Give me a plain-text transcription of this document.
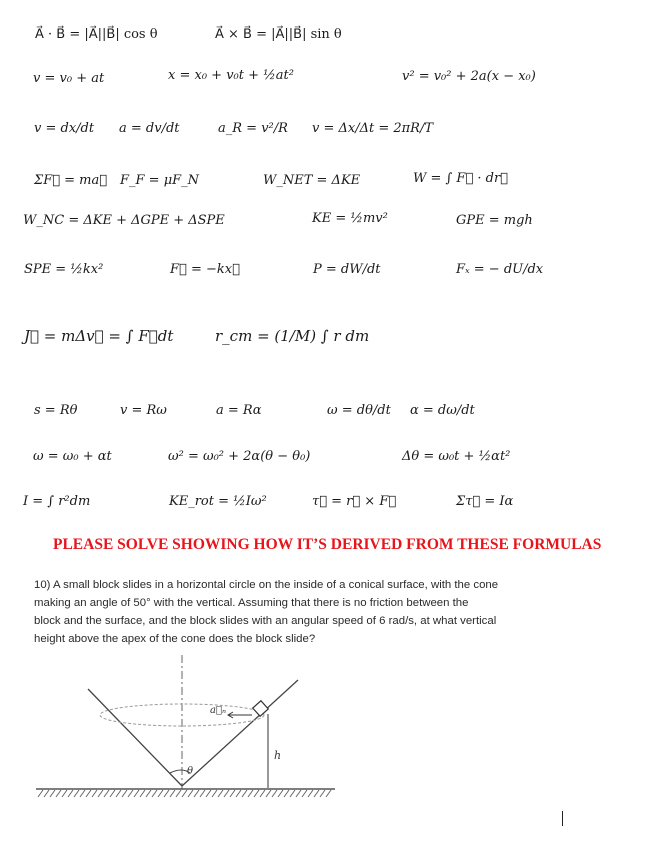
A⃗ · B⃗ = |A⃗||B⃗| cos θ	A⃗ × B⃗ = |A⃗||B⃗| sin θ
v = v₀ + at	x = x₀ + v₀t + ½at²	v² = v₀² + 2a(x − x₀)
v = dx/dt a = dv/dt	a_R = v²/R v = Δx/Δt = 2πR/T
ΣF⃗ = ma⃗ F_F = μF_N	W_NET = ΔKE	W = ∫ F⃗ · dr⃗
W_NC = ΔKE + ΔGPE + ΔSPE	KE = ½mv²	GPE = mgh
SPE = ½kx²	F⃗ = −kx⃗	P = dW/dt	Fₓ = − dU/dx
J⃗ = mΔv⃗ = ∫ F⃗dt	r_cm = (1/M) ∫ r dm
s = Rθ	v = Rω	a = Rα	ω = dθ/dt α = dω/dt
ω = ω₀ + αt	ω² = ω₀² + 2α(θ − θ₀)	Δθ = ω₀t + ½αt²
I = ∫ r²dm	KE_rot = ½Iω²	τ⃗ = r⃗ × F⃗	Στ⃗ = Iα
PLEASE SOLVE SHOWING HOW IT’S DERIVED FROM THESE FORMULAS
10) A small block slides in a horizontal circle on the inside of a conical surface, with the cone
making an angle of 50° with the vertical. Assuming that there is no friction between the
block and the surface, and the block slides with an angular speed of 6 rad/s, at what vertical
height above the apex of the cone does the block slide?
a⃗ₙ
h
θ
